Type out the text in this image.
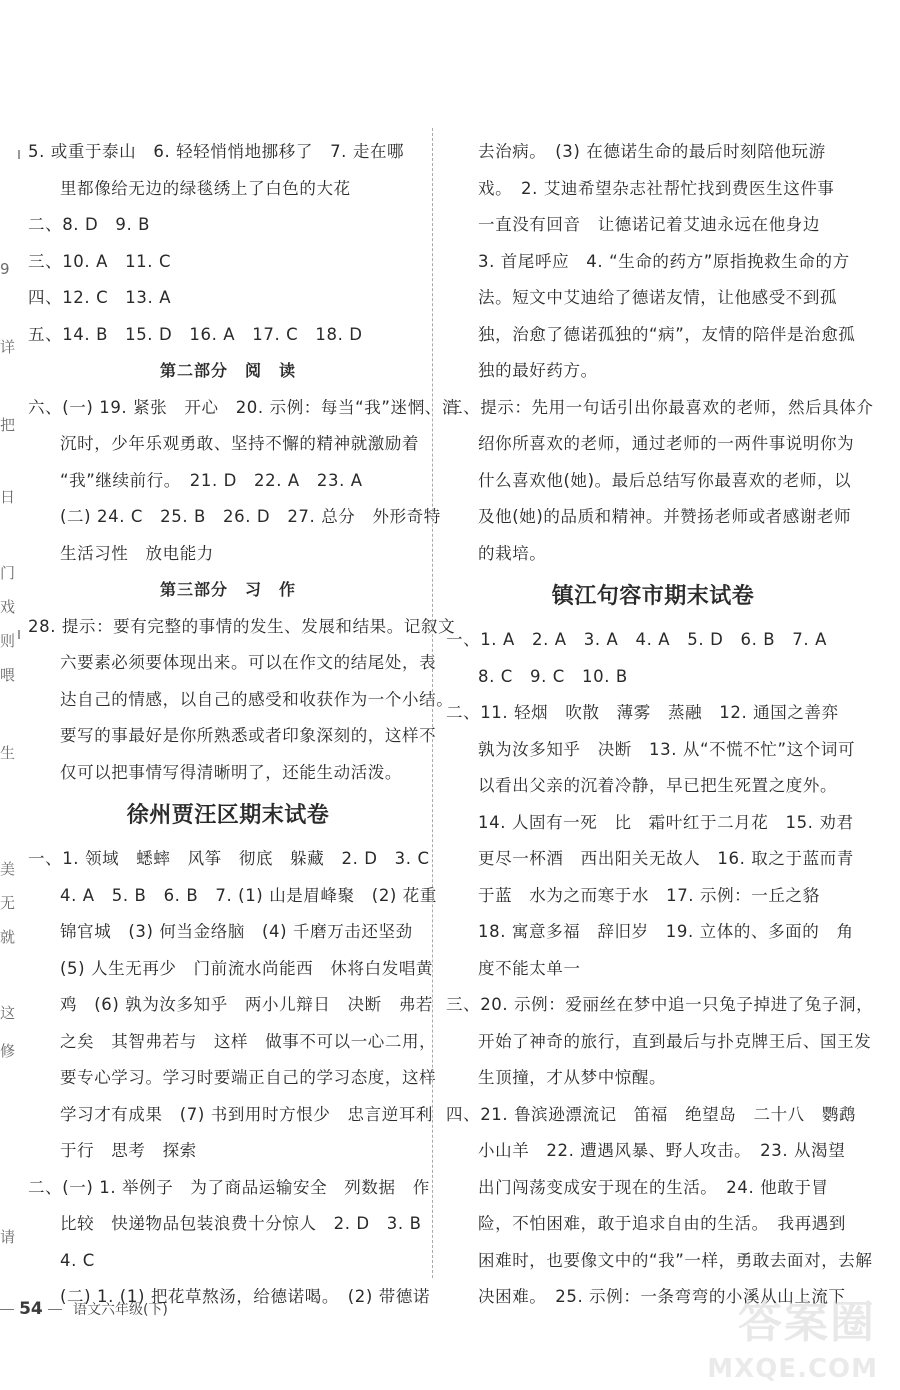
9
详
把
日
门
戏
则
喂
生
美
无
就
这
修
请
5. 或重于泰山　6. 轻轻悄悄地挪移了　7. 走在哪
里都像给无边的绿毯绣上了白色的大花
二、8. D　9. B
三、10. A　11. C
四、12. C　13. A
五、14. B　15. D　16. A　17. C　18. D
第二部分　阅　读
六、(一) 19. 紧张　开心　20. 示例：每当“我”迷惘、消
沉时，少年乐观勇敢、坚持不懈的精神就激励着
“我”继续前行。　21. D　22. A　23. A
(二) 24. C　25. B　26. D　27. 总分　外形奇特
生活习性　放电能力
第三部分　习　作
28. 提示：要有完整的事情的发生、发展和结果。记叙文
六要素必须要体现出来。可以在作文的结尾处，表
达自己的情感，以自己的感受和收获作为一个小结。
要写的事最好是你所熟悉或者印象深刻的，这样不
仅可以把事情写得清晰明了，还能生动活泼。
徐州贾汪区期末试卷
一、1. 领域　蟋蟀　风筝　彻底　躲藏　2. D　3. C
4. A　5. B　6. B　7. (1) 山是眉峰聚　(2) 花重
锦官城　(3) 何当金络脑　(4) 千磨万击还坚劲
(5) 人生无再少　门前流水尚能西　休将白发唱黄
鸡　(6) 孰为汝多知乎　两小儿辩日　决断　弗若
之矣　其智弗若与　这样　做事不可以一心二用，
要专心学习。学习时要端正自己的学习态度，这样
学习才有成果　(7) 书到用时方恨少　忠言逆耳利
于行　思考　探索
二、(一) 1. 举例子　为了商品运输安全　列数据　作
比较　快递物品包装浪费十分惊人　2. D　3. B
4. C
(二) 1. (1) 把花草熬汤，给德诺喝。　(2) 带德诺
去治病。　(3) 在德诺生命的最后时刻陪他玩游
戏。　2. 艾迪希望杂志社帮忙找到费医生这件事
一直没有回音　让德诺记着艾迪永远在他身边
3. 首尾呼应　4. “生命的药方”原指挽救生命的方
法。短文中艾迪给了德诺友情，让他感受不到孤
独，治愈了德诺孤独的“病”，友情的陪伴是治愈孤
独的最好药方。
三、提示：先用一句话引出你最喜欢的老师，然后具体介
绍你所喜欢的老师，通过老师的一两件事说明你为
什么喜欢他(她)。最后总结写你最喜欢的老师，以
及他(她)的品质和精神。并赞扬老师或者感谢老师
的栽培。
镇江句容市期末试卷
一、1. A　2. A　3. A　4. A　5. D　6. B　7. A
8. C　9. C　10. B
二、11. 轻烟　吹散　薄雾　蒸融　12. 通国之善弈
孰为汝多知乎　决断　13. 从“不慌不忙”这个词可
以看出父亲的沉着冷静，早已把生死置之度外。
14. 人固有一死　比　霜叶红于二月花　15. 劝君
更尽一杯酒　西出阳关无故人　16. 取之于蓝而青
于蓝　水为之而寒于水　17. 示例：一丘之貉
18. 寓意多福　辞旧岁　19. 立体的、多面的　角
度不能太单一
三、20. 示例：爱丽丝在梦中追一只兔子掉进了兔子洞，
开始了神奇的旅行，直到最后与扑克牌王后、国王发
生顶撞，才从梦中惊醒。
四、21. 鲁滨逊漂流记　笛福　绝望岛　二十八　鹦鹉
小山羊　22. 遭遇风暴、野人攻击。　23. 从渴望
出门闯荡变成安于现在的生活。　24. 他敢于冒
险，不怕困难，敢于追求自由的生活。　我再遇到
困难时，也要像文中的“我”一样，勇敢去面对，去解
决困难。　25. 示例：一条弯弯的小溪从山上流下
54 语文六年级(下)	答案圈
MXQE.COM
